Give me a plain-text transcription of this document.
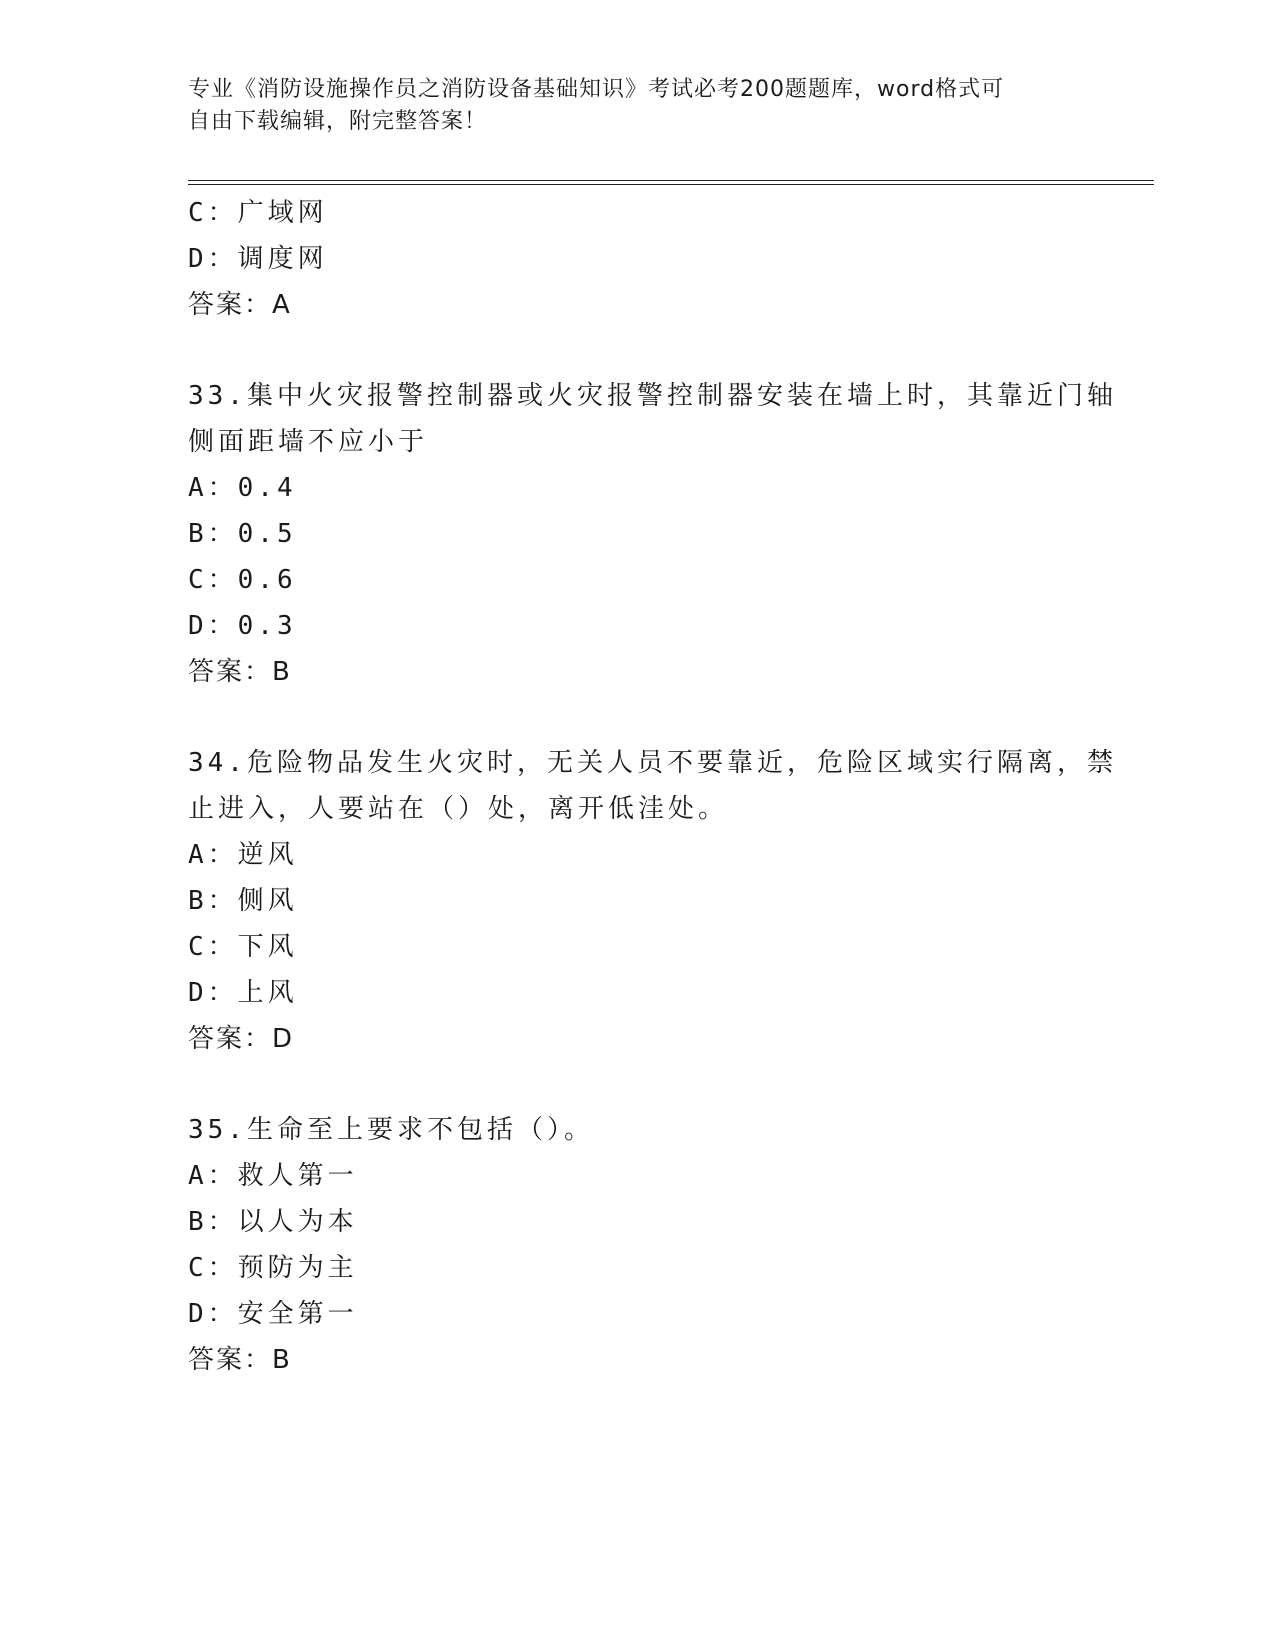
专业《消防设施操作员之消防设备基础知识》考试必考200题题库，word格式可
自由下载编辑，附完整答案！
C：广域网
D：调度网
答案：A
33.集中火灾报警控制器或火灾报警控制器安装在墙上时，其靠近门轴
侧面距墙不应小于
A：0.4
B：0.5
C：0.6
D：0.3
答案：B
34.危险物品发生火灾时，无关人员不要靠近，危险区域实行隔离，禁
止进入，人要站在（）处，离开低洼处。
A：逆风
B：侧风
C：下风
D：上风
答案：D
35.生命至上要求不包括（）。
A：救人第一
B：以人为本
C：预防为主
D：安全第一
答案：B
